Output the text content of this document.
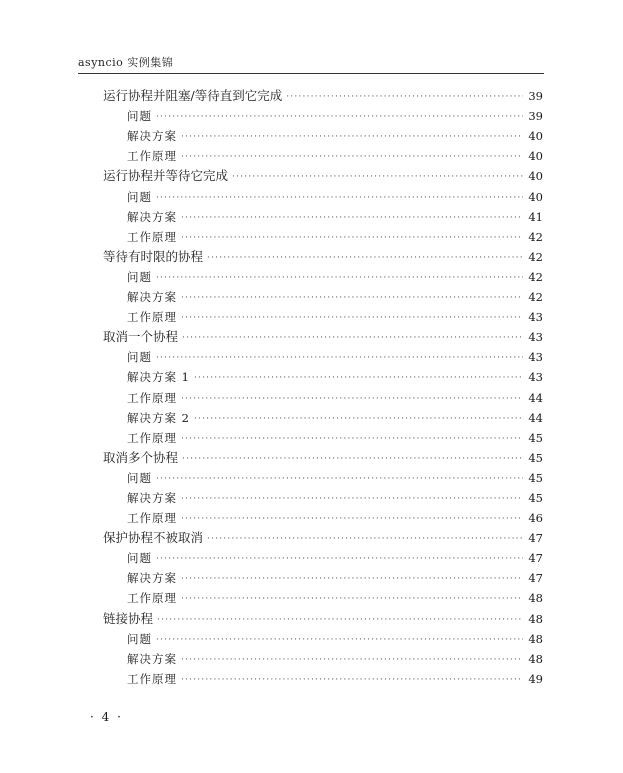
asyncio 实例集锦
运行协程并阻塞/等待直到它完成 ·····	39
问题 ·····	39
解决方案 ·····	40
工作原理 ·····	40
运行协程并等待它完成 ·····	40
问题 ·····	40
解决方案 ·····	41
工作原理 ·····	42
等待有时限的协程 ·····	42
问题 ·····	42
解决方案 ·····	42
工作原理 ·····	43
取消一个协程 ·····	43
问题 ·····	43
解决方案 1 ·····	43
工作原理 ·····	44
解决方案 2 ·····	44
工作原理 ·····	45
取消多个协程 ·····	45
问题 ·····	45
解决方案 ·····	45
工作原理 ·····	46
保护协程不被取消 ·····	47
问题 ·····	47
解决方案 ·····	47
工作原理 ·····	48
链接协程 ·····	48
问题 ·····	48
解决方案 ·····	48
工作原理 ·····	49
· 4 ·
